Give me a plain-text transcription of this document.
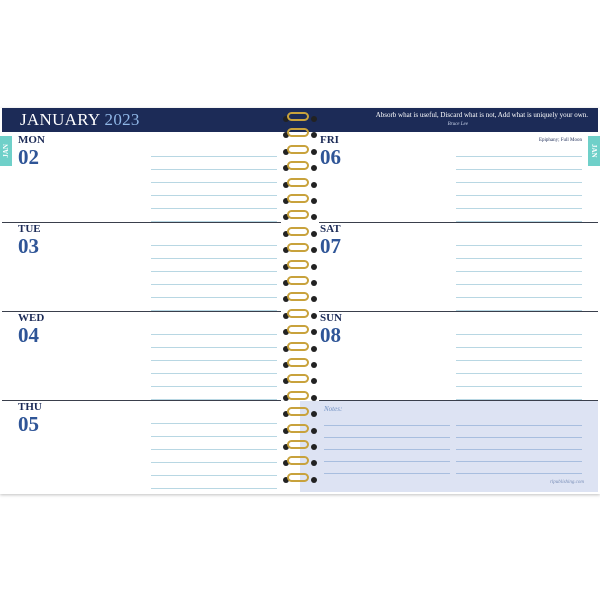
JANUARY 2023	Absorb what is useful, Discard what is not, Add what is uniquely your own.
Bruce Lee
JAN	JAN
MON
02
TUE
03
WED
04
THU
05
FRI
06
Epiphany; Full Moon
SAT
07
SUN
08
Notes:
rlpublishing.com
